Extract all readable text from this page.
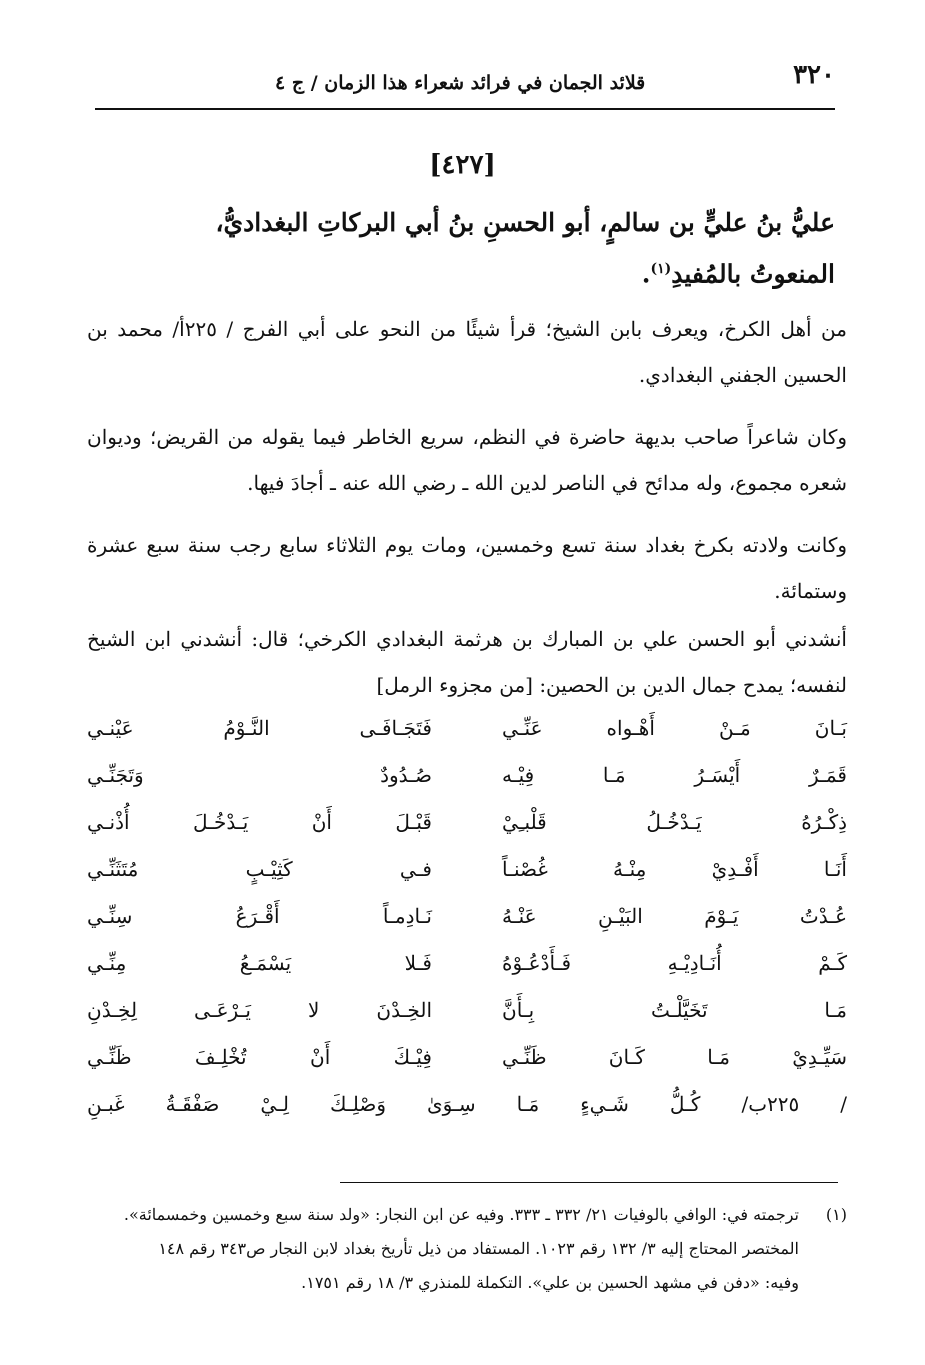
٣٢٠
قلائد الجمان في فرائد شعراء هذا الزمان / ج ٤
[٤٢٧]
عليُّ بنُ عليٍّ بن سالمٍ، أبو الحسنِ بنُ أبي البركاتِ البغداديُّ،
المنعوتُ بالمُفيدِ$^{(١)}$.

من أهل الكرخ، ويعرف بابن الشيخ؛ قرأ شيئًا من النحو على أبي الفرج / ٢٢٥أ/ محمد بن الحسين الجفني البغدادي.

وكان شاعراً صاحب بديهة حاضرة في النظم، سريع الخاطر فيما يقوله من القريض؛ وديوان شعره مجموع، وله مدائح في الناصر لدين الله ـ رضي الله عنه ـ أجادَ فيها.

وكانت ولادته بكرخ بغداد سنة تسع وخمسين، ومات يوم الثلاثاء سابع رجب سنة سبع عشرة وستمائة.

أنشدني أبو الحسن علي بن المبارك بن هرثمة البغدادي الكرخي؛ قال: أنشدني ابن الشيخ لنفسه؛ يمدح جمال الدين بن الحصين: [من مجزوء الرمل]

بَـانَ مَـنْ أَهْـواه عَنِّـي
فَتَجَـافَـى النَّـوْمُ عَيْنـي
قَمَـرٌ أَيْسَـرُ مَـا فِيْـه
صُـدُودٌ وَتَجَنِّـي
ذِكْـرُهُ يَـدْخُـلُ قَلْبـِيْ
قَبْـلَ أَنْ يَـدْخُـلَ أُذْنـي
أَنَـا أَفْـدِيْ مِنْـهُ غُصْنـاً
فـي كَثِيْـبٍ مُتَثَنِّـي
عُـدْتُ يَـوْمَ البَيْـنِ عَنْـهُ
نَـادِمـاً أَقْـرَعُ سِنِّـي
كَـمْ أُنَـادِيْـهِ فَـأَدْعُـوْهُ
فَـلا يَسْمَـعُ مِنِّـي
مَـا تَخَيَّلْـتُ بِـأَنَّ
الخِـدْنَ لا يَـرْعَـى لِخِـدْنِ
سَيِّـدِيْ مَـا كَـانَ ظَنِّـي
فِيْـكَ أَنْ تُخْلِـفَ ظَنِّـي
/ ٢٢٥ب/ كُـلُّ شَـيءٍ مَـا سِـوَىٰ وَصْلِـكَ لِـيْ صَفْقَـةُ غَبـنِ
(١)
ترجمته في: الوافي بالوفيات ٢١/ ٣٣٢ ـ ٣٣٣. وفيه عن ابن النجار: «ولد سنة سبع وخمسين وخمسمائة».
المختصر المحتاج إليه ٣/ ١٣٢ رقم ١٠٢٣. المستفاد من ذيل تأريخ بغداد لابن النجار ص٣٤٣ رقم ١٤٨
وفيه: «دفن في مشهد الحسين بن علي». التكملة للمنذري ٣/ ١٨ رقم ١٧٥١.
